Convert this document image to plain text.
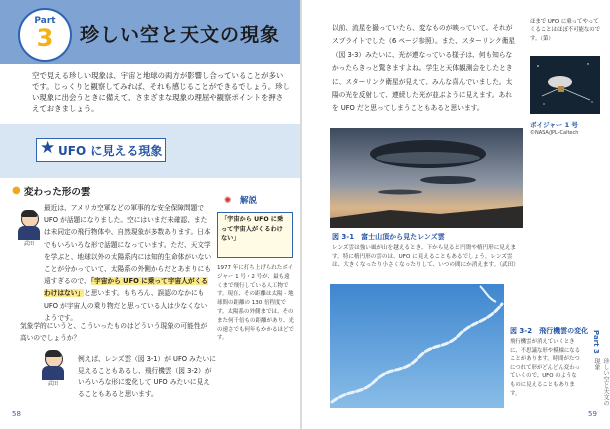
Part
3	珍しい空と天文の現象
空で見える珍しい現象は、宇宙と地球の両方が影響し合っていることが多いです。じっくりと観察してみれば、それも感じることができるでしょう。珍しい現象に出会うときに備えて、さまざまな現象の理屈や観察ポイントを押さえておきましょう。
★ UFO に見える現象
● 変わった形の雲
武田
最近は、アメリカ空軍などの軍事的な安全保障問題で UFO が話題になりました。空にはいまだ未確認、または未同定の飛行物体や、自然現象が多数あります。日本でもいろいろな形で話題になっています。ただ、天文学を学ぶと、地球以外の太陽系内には知的生命体がいないことが分かっていて、太陽系の外側からだとあまりにも遠すぎるので、「宇宙から UFO に乗って宇宙人がくるわけはない」と思います。もちろん、誤認のなかにも UFO が宇宙人の乗り物だと思っている人は少なくないようです。
気象学的にいうと、こういったものはどういう現象の可能性が高いのでしょうか？
武田
例えば、レンズ雲（図 3-1）が UFO みたいに見えることもあるし、飛行機雲（図 3-2）がいろいろな形に変化して UFO みたいに見えることもあると思います。
✺ 解説
「宇宙から UFO に乗って宇宙人がくるわけない」
1977 年に打ち上げられたボイジャー 1 号・2 号が、最も遠くまで飛行している人工物です。現在、その距離は太陽 - 地球間の距離の 130 倍程度です。太陽系の外側までは、そのまた何千倍もの距離があり、光の速さでも何年もかかるほどです。
58
以前、流星を撮っていたら、変なものが映っていて、それがスプライトでした（6 ページ参照）。また、スターリンク衛星（図 3-3）みたいに、光が連なっている様子は、何も知らなかったらきっと驚きますよね。学生と天体観測会をしたときに、スターリンク衛星が見えて、みんな喜んでいました。太陽の光を反射して、連続した光が並ぶように見えます。あれを UFO だと思ってしまうこともあると思います。
ほまで UFO に乗ってやってくることはほぼ不可能なのです。（第）
ボイジャー 1 号
©NASA/JPL-Caltech
図 3-1　富士山頂から見たレンズ雲
レンズ雲は強い風が山を越えるとき、下から見ると円盤や楕円形に見えます。特に楕円形の雲のは、UFO に見えることもあるでしょう。レンズ雲は、大きくなったり小さくなったりして、いつの間にか消えます。（武田）
図 3-2　飛行機雲の変化
飛行機雲が消えていくときに、不思議な形や模様になることがあります。時間がたつにつれて形がどんどん変わっていくので、UFO のようなものに見えることもあります。
Part 3
珍しい空と天文の現象
59
